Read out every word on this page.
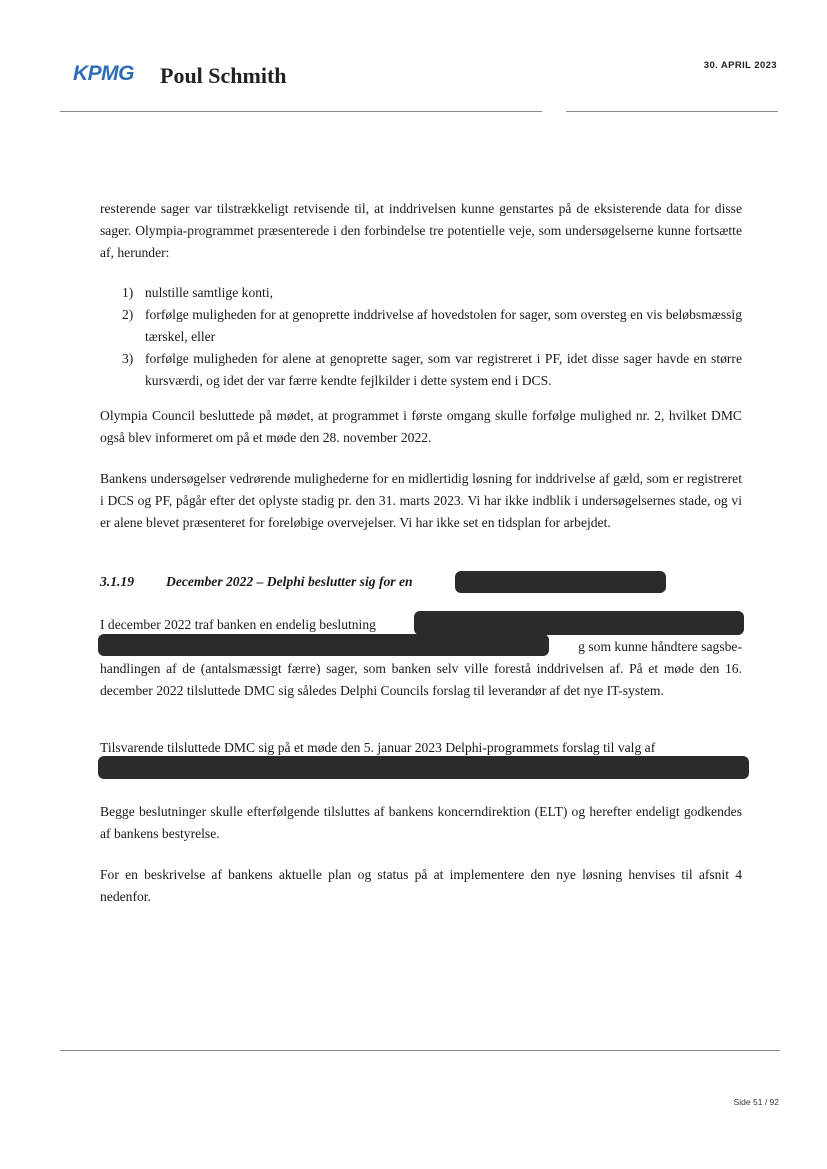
KPMG Poul Schmith	30. APRIL 2023
resterende sager var tilstrækkeligt retvisende til, at inddrivelsen kunne genstartes på de eksisterende data for disse sager. Olympia-programmet præsenterede i den forbindelse tre potentielle veje, som undersøgelserne kunne fortsætte af, herunder:
1) nulstille samtlige konti,
2) forfølge muligheden for at genoprette inddrivelse af hovedstolen for sager, som oversteg en vis beløbsmæssig tærskel, eller
3) forfølge muligheden for alene at genoprette sager, som var registreret i PF, idet disse sager havde en større kursværdi, og idet der var færre kendte fejlkilder i dette system end i DCS.
Olympia Council besluttede på mødet, at programmet i første omgang skulle forfølge mulighed nr. 2, hvilket DMC også blev informeret om på et møde den 28. november 2022.
Bankens undersøgelser vedrørende mulighederne for en midlertidig løsning for inddrivelse af gæld, som er registreret i DCS og PF, pågår efter det oplyste stadig pr. den 31. marts 2023. Vi har ikke indblik i undersøgelsernes stade, og vi er alene blevet præsenteret for foreløbige overvejelser. Vi har ikke set en tidsplan for arbejdet.
3.1.19 December 2022 – Delphi beslutter sig for en
I december 2022 traf banken en endelig beslutning
g som kunne håndtere sagsbe-
handlingen af de (antalsmæssigt færre) sager, som banken selv ville forestå inddrivelsen af. På et møde den 16. december 2022 tilsluttede DMC sig således Delphi Councils forslag til leverandør af det nye IT-system.
Tilsvarende tilsluttede DMC sig på et møde den 5. januar 2023 Delphi-programmets forslag til valg af
Begge beslutninger skulle efterfølgende tilsluttes af bankens koncerndirektion (ELT) og herefter endeligt godkendes af bankens bestyrelse.
For en beskrivelse af bankens aktuelle plan og status på at implementere den nye løsning henvises til afsnit 4 nedenfor.
Side 51 / 92
